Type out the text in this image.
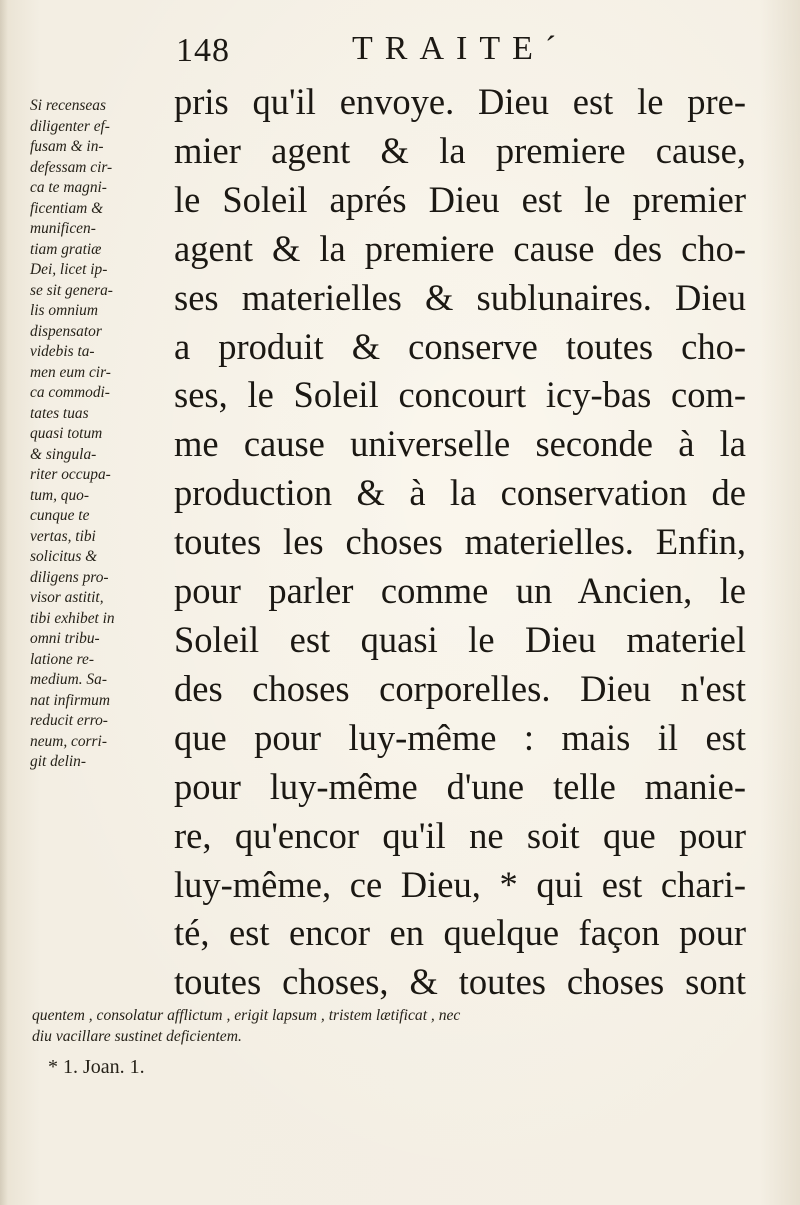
148	TRAITE´
Si recenseas
diligenter ef-
fusam & in-
defessam cir-
ca te magni-
ficentiam &
munificen-
tiam gratiæ
Dei, licet ip-
se sit genera-
lis omnium
dispensator
videbis ta-
men eum cir-
ca commodi-
tates tuas
quasi totum
& singula-
riter occupa-
tum, quo-
cunque te
vertas, tibi
solicitus &
diligens pro-
visor astitit,
tibi exhibet in
omni tribu-
latione re-
medium. Sa-
nat infirmum
reducit erro-
neum, corri-
git delin-
pris qu'il envoye. Dieu est le pre-
mier agent & la premiere cause,
le Soleil aprés Dieu est le premier
agent & la premiere cause des cho-
ses materielles & sublunaires. Dieu
a produit & conserve toutes cho-
ses, le Soleil concourt icy-bas com-
me cause universelle seconde à la
production & à la conservation de
toutes les choses materielles. Enfin,
pour parler comme un Ancien, le
Soleil est quasi le Dieu materiel
des choses corporelles. Dieu n'est
que pour luy-même : mais il est
pour luy-même d'une telle manie-
re, qu'encor qu'il ne soit que pour
luy-même, ce Dieu, * qui est chari-
té, est encor en quelque façon pour
toutes choses, & toutes choses sont
quentem , consolatur afflictum , erigit lapsum , tristem lætificat , nec
diu vacillare sustinet deficientem.
* 1. Joan. 1.
